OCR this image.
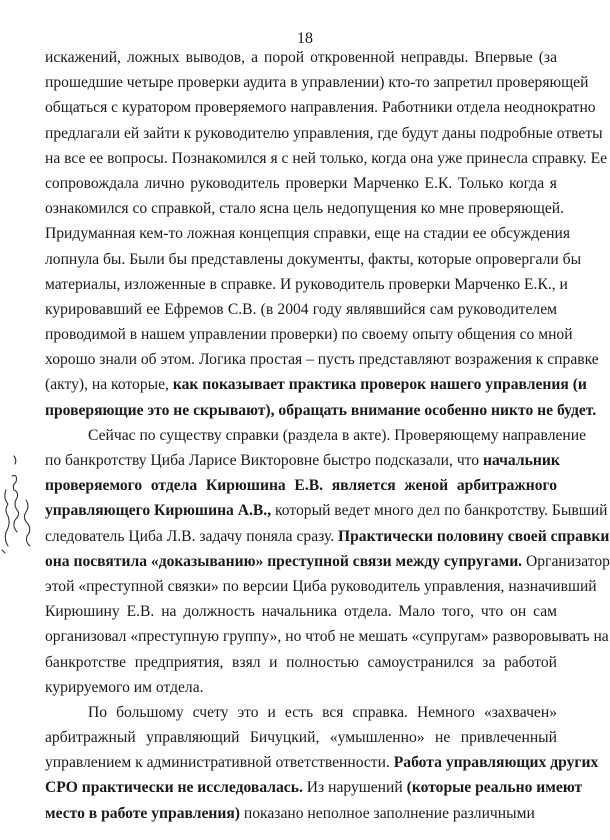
18
искажений, ложных выводов, а порой откровенной неправды. Впервые (за
прошедшие четыре проверки аудита в управлении) кто-то запретил проверяющей
общаться с куратором проверяемого направления. Работники отдела неоднократно
предлагали ей зайти к руководителю управления, где будут даны подробные ответы
на все ее вопросы. Познакомился я с ней только, когда она уже принесла справку. Ее
сопровождала лично руководитель проверки Марченко Е.К. Только когда я
ознакомился со справкой, стало ясна цель недопущения ко мне проверяющей.
Придуманная кем-то ложная концепция справки, еще на стадии ее обсуждения
лопнула бы. Были бы представлены документы, факты, которые опровергали бы
материалы, изложенные в справке. И руководитель проверки Марченко Е.К., и
курировавший ее Ефремов С.В. (в 2004 году являвшийся сам руководителем
проводимой в нашем управлении проверки) по своему опыту общения со мной
хорошо знали об этом. Логика простая – пусть представляют возражения к справке
(акту), на которые, как показывает практика проверок нашего управления (и
проверяющие это не скрывают), обращать внимание особенно никто не будет.
Сейчас по существу справки (раздела в акте). Проверяющему направление
по банкротству Циба Ларисе Викторовне быстро подсказали, что начальник
проверяемого отдела Кирюшина Е.В. является женой арбитражного
управляющего Кирюшина А.В., который ведет много дел по банкротству. Бывший
следователь Циба Л.В. задачу поняла сразу. Практически половину своей справки
она посвятила «доказыванию» преступной связи между супругами. Организатор
этой «преступной связки» по версии Циба руководитель управления, назначивший
Кирюшину Е.В. на должность начальника отдела. Мало того, что он сам
организовал «преступную группу», но чтоб не мешать «супругам» разворовывать на
банкротстве предприятия, взял и полностью самоустранился за работой
курируемого им отдела.
По большому счету это и есть вся справка. Немного «захвачен»
арбитражный управляющий Бичуцкий, «умышленно» не привлеченный
управлением к административной ответственности. Работа управляющих других
СРО практически не исследовалась. Из нарушений (которые реально имеют
место в работе управления) показано неполное заполнение различными
